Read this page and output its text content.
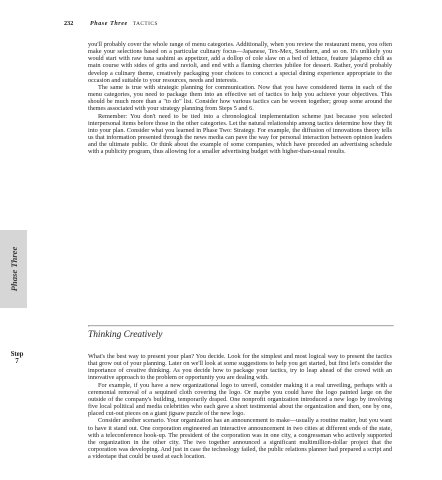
232	Phase Three TACTICS

you'll probably cover the whole range of menu categories. Additionally, when you review the restaurant menu, you often make your selections based on a particular culinary focus—Japanese, Tex-Mex, Southern, and so on. It's unlikely you would start with raw tuna sashimi as appetizer, add a dollop of cole slaw on a bed of lettuce, feature jalapeno chili as main course with sides of grits and ravioli, and end with a flaming cherries jubilee for dessert. Rather, you'd probably develop a culinary theme, creatively packaging your choices to concoct a special dining experience appropriate to the occasion and suitable to your resources, needs and interests.

The same is true with strategic planning for communication. Now that you have considered items in each of the menu categories, you need to package them into an effective set of tactics to help you achieve your objectives. This should be much more than a "to do" list. Consider how various tactics can be woven together; group some around the themes associated with your strategy planning from Steps 5 and 6.

Remember: You don't need to be tied into a chronological implementation scheme just because you selected interpersonal items before those in the other categories. Let the natural relationship among tactics determine how they fit into your plan. Consider what you learned in Phase Two: Strategy. For example, the diffusion of innovations theory tells us that information presented through the news media can pave the way for personal interaction between opinion leaders and the ultimate public. Or think about the example of some companies, which have preceded an advertising schedule with a publicity program, thus allowing for a smaller advertising budget with higher-than-usual results.

Phase Three
Thinking Creatively
Step
7

What's the best way to present your plan? You decide. Look for the simplest and most logical way to present the tactics that grow out of your planning. Later on we'll look at some suggestions to help you get started, but first let's consider the importance of creative thinking. As you decide how to package your tactics, try to leap ahead of the crowd with an innovative approach to the problem or opportunity you are dealing with.

For example, if you have a new organizational logo to unveil, consider making it a real unveiling, perhaps with a ceremonial removal of a sequined cloth covering the logo. Or maybe you could have the logo painted large on the outside of the company's building, temporarily draped. One nonprofit organization introduced a new logo by involving five local political and media celebrities who each gave a short testimonial about the organization and then, one by one, placed cut-out pieces on a giant jigsaw puzzle of the new logo.

Consider another scenario. Your organization has an announcement to make—usually a routine matter, but you want to have it stand out. One corporation engineered an interactive announcement in two cities at different ends of the state, with a teleconference hook-up. The president of the corporation was in one city, a congressman who actively supported the organization in the other city. The two together announced a significant multimillion-dollar project that the corporation was developing. And just in case the technology failed, the public relations planner had prepared a script and a videotape that could be used at each location.
